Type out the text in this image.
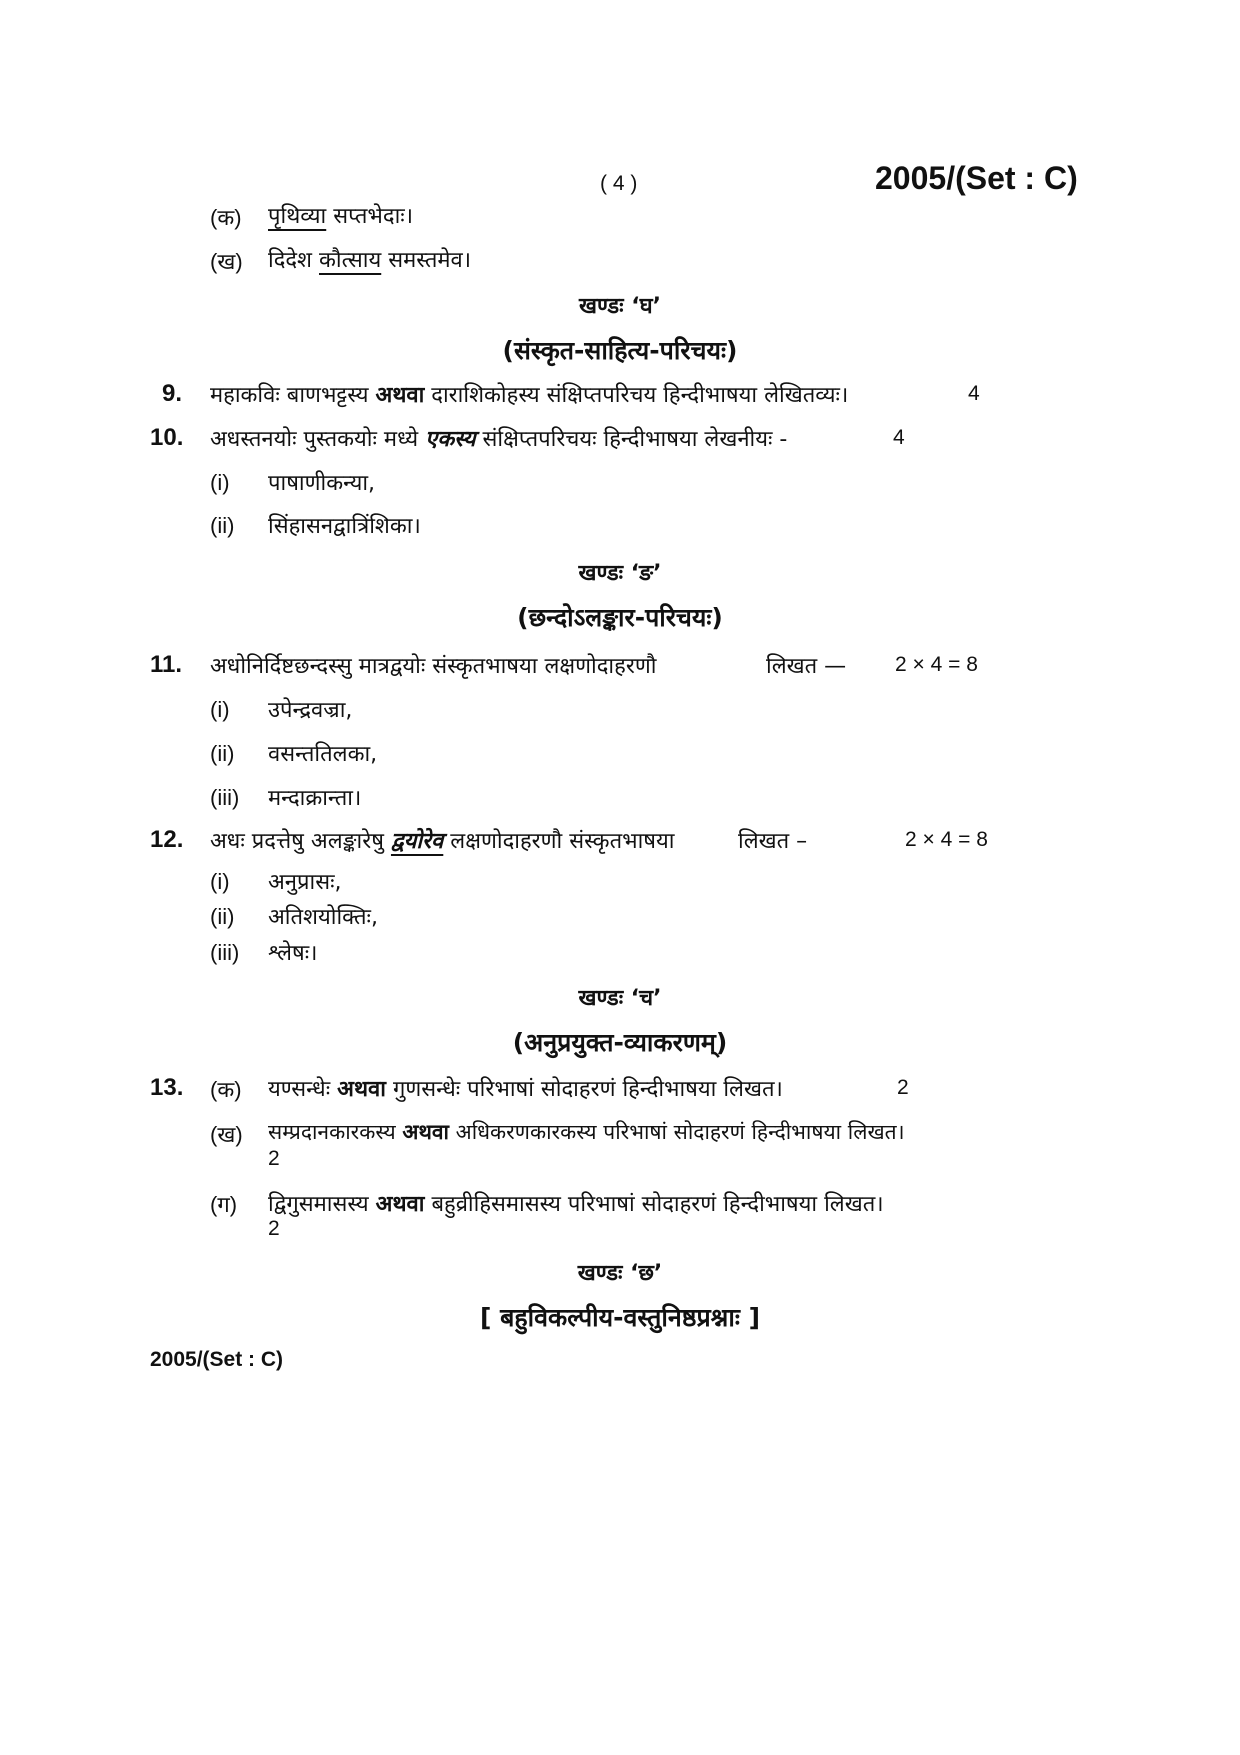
( 4 )	2005/(Set : C)
(क) पृथिव्या सप्तभेदाः।
(ख) दिदेश कौत्साय समस्तमेव।
खण्डः ‘घ’
(संस्कृत-साहित्य-परिचयः)
9. महाकविः बाणभट्टस्य अथवा दाराशिकोहस्य संक्षिप्तपरिचय हिन्दीभाषया लेखितव्यः।	4
10. अधस्तनयोः पुस्तकयोः मध्ये एकस्य संक्षिप्तपरिचयः हिन्दीभाषया लेखनीयः -	4
(i) पाषाणीकन्या,
(ii) सिंहासनद्वात्रिंशिका।
खण्डः ‘ङ’
(छन्दोऽलङ्कार-परिचयः)
11. अधोनिर्दिष्टछन्दस्सु मात्रद्वयोः संस्कृतभाषया लक्षणोदाहरणौ	लिखत — 2 × 4 = 8
(i) उपेन्द्रवज्रा,
(ii) वसन्ततिलका,
(iii) मन्दाक्रान्ता।
12. अधः प्रदत्तेषु अलङ्कारेषु द्वयोरेव लक्षणोदाहरणौ संस्कृतभाषया	लिखत –	2 × 4 = 8
(i) अनुप्रासः,
(ii) अतिशयोक्तिः,
(iii) श्लेषः।
खण्डः ‘च’
(अनुप्रयुक्त-व्याकरणम्)
13. (क) यण्सन्धेः अथवा गुणसन्धेः परिभाषां सोदाहरणं हिन्दीभाषया लिखत।	2
(ख) सम्प्रदानकारकस्य अथवा अधिकरणकारकस्य परिभाषां सोदाहरणं हिन्दीभाषया लिखत।
2
(ग) द्विगुसमासस्य अथवा बहुव्रीहिसमासस्य परिभाषां सोदाहरणं हिन्दीभाषया लिखत।
2
खण्डः ‘छ’
[ बहुविकल्पीय-वस्तुनिष्ठप्रश्नाः ]
2005/(Set : C)
